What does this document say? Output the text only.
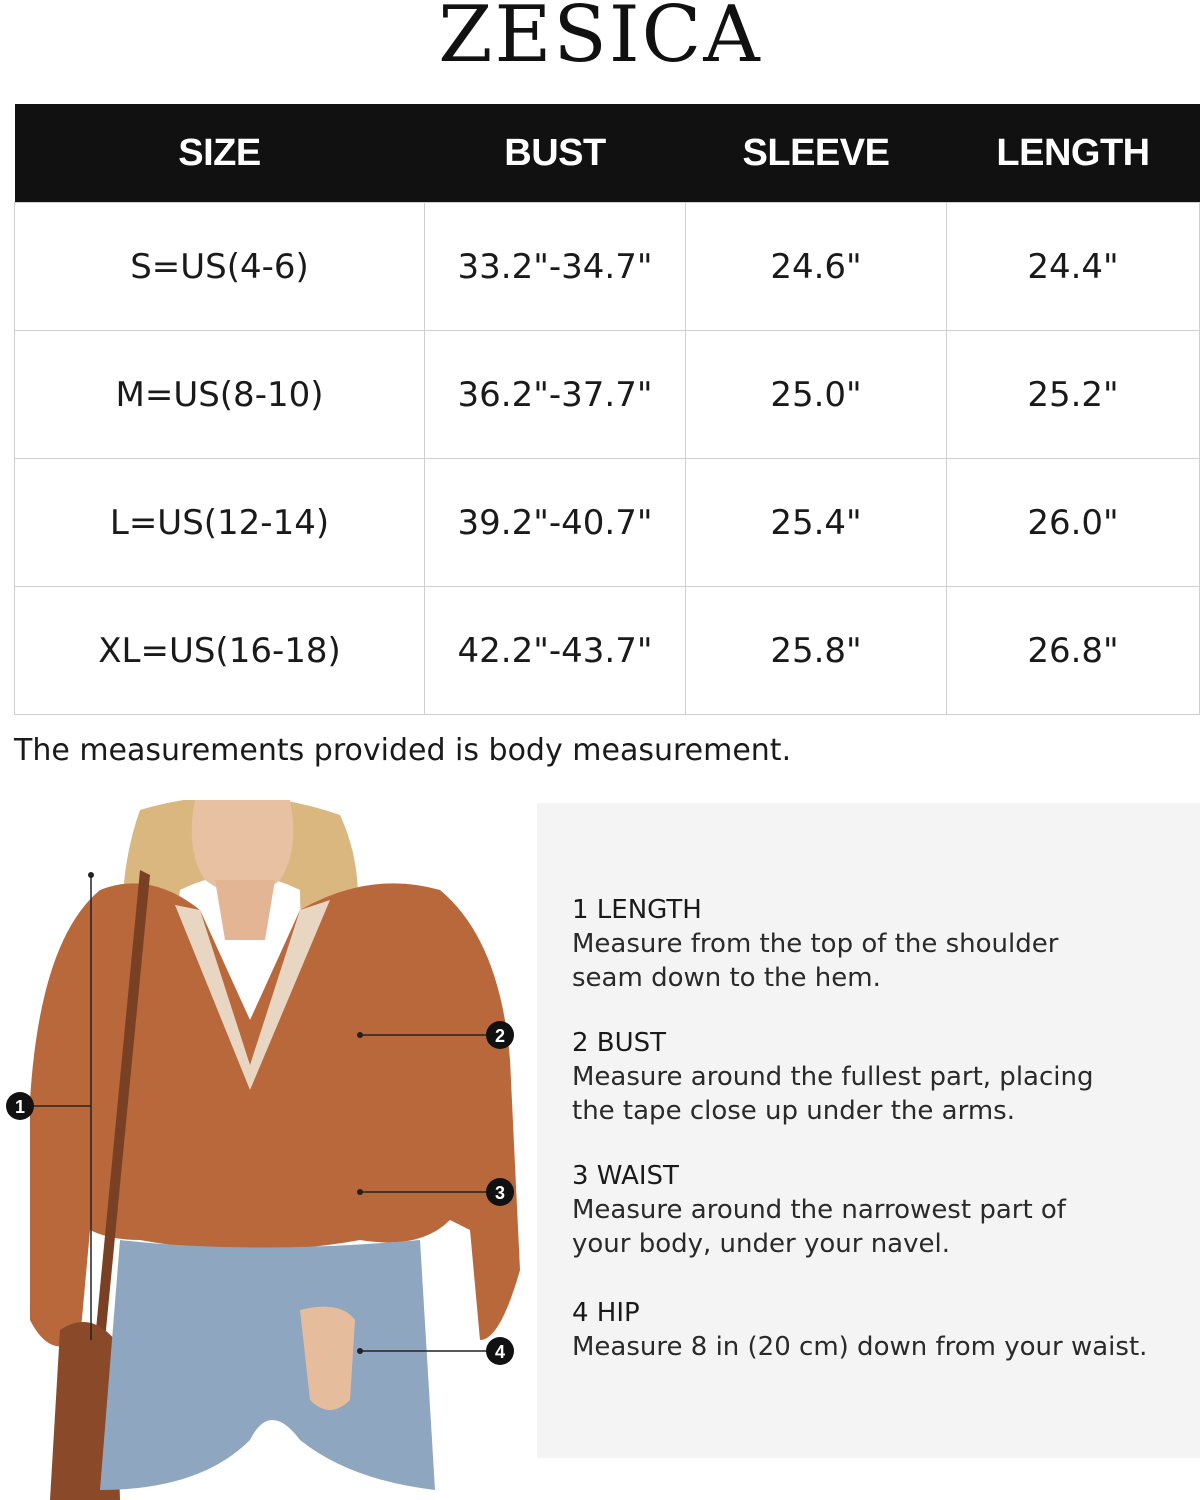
ZESICA
SIZE	BUST	SLEEVE	LENGTH
S=US(4-6)	33.2"-34.7"	24.6"	24.4"
M=US(8-10)	36.2"-37.7"	25.0"	25.2"
L=US(12-14)	39.2"-40.7"	25.4"	26.0"
XL=US(16-18)	42.2"-43.7"	25.8"	26.8"
The measurements provided is body measurement.
1
2
3
4
1 LENGTH
Measure from the top of the shoulder
seam down to the hem.
2 BUST
Measure around the fullest part, placing
the tape close up under the arms.
3 WAIST
Measure around the narrowest part of
your body, under your navel.
4 HIP
Measure 8 in (20 cm) down from your waist.
